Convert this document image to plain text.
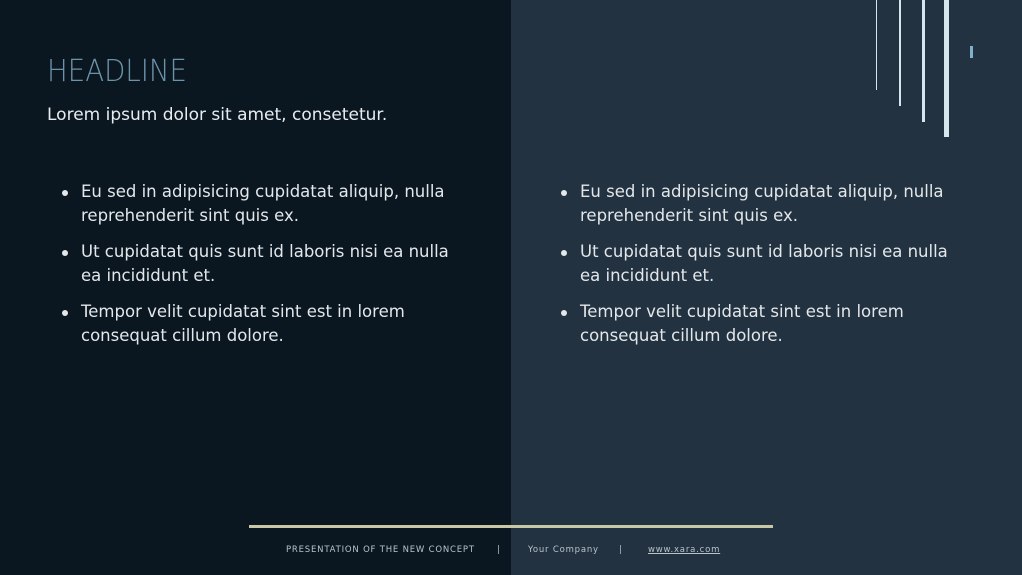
HEADLINE
Lorem ipsum dolor sit amet, consetetur.
Eu sed in adipisicing cupidatat aliquip, nulla reprehenderit sint quis ex.
Ut cupidatat quis sunt id laboris nisi ea nulla ea incididunt et.
Tempor velit cupidatat sint est in lorem consequat cillum dolore.
Eu sed in adipisicing cupidatat aliquip, nulla reprehenderit sint quis ex.
Ut cupidatat quis sunt id laboris nisi ea nulla ea incididunt et.
Tempor velit cupidatat sint est in lorem consequat cillum dolore.
PRESENTATION OF THE NEW CONCEPT	|	Your Company |	www.xara.com
